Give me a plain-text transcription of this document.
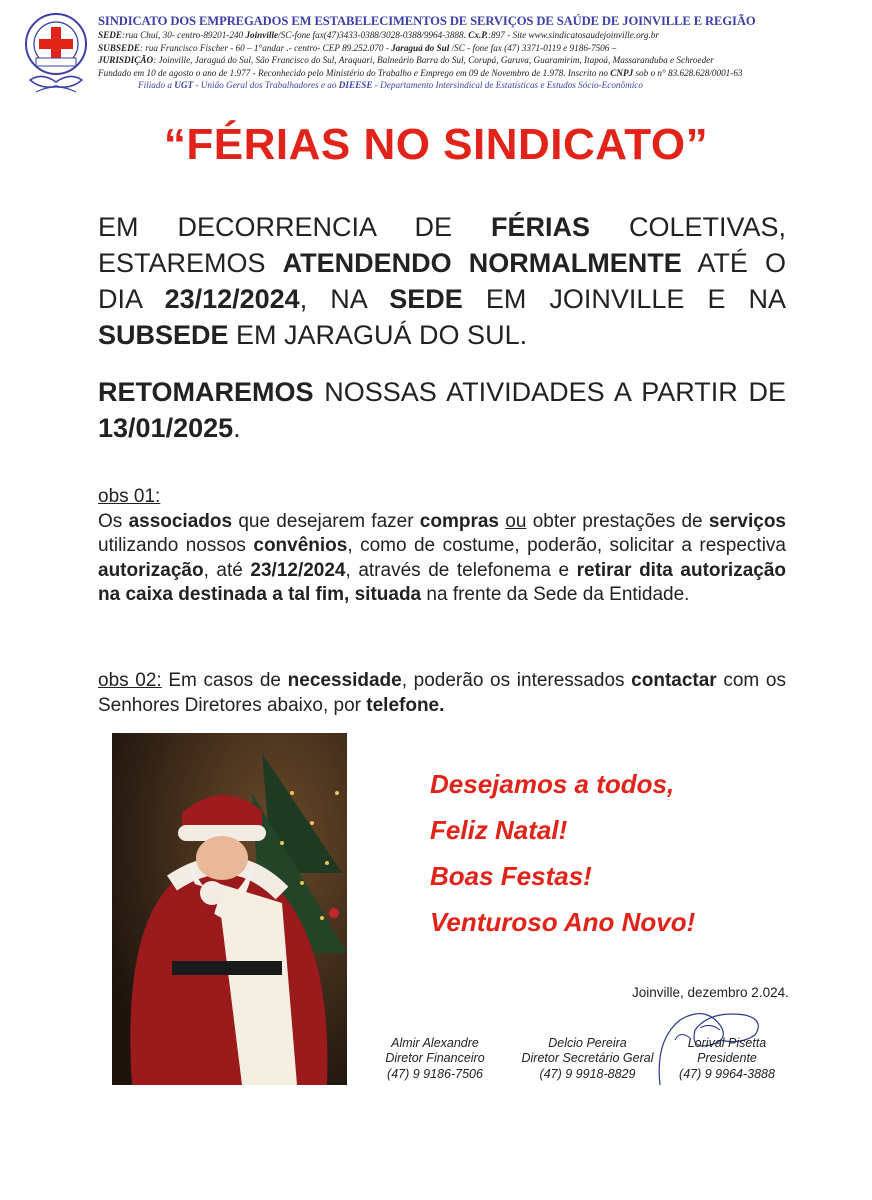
SINDICATO DOS EMPREGADOS EM ESTABELECIMENTOS DE SERVIÇOS DE SAÚDE DE JOINVILLE E REGIÃO
SEDE:rua Chuí, 30- centro-89201-240 Joinville/SC-fone fax(47)3433-0388/3028-0388/9964-3888. Cx.P.:897 - Site www.sindicatosaudejoinville.org.br
SUBSEDE: rua Francisco Fischer - 60 – 1°andar .- centro- CEP 89.252.070 - Jaraguá do Sul /SC - fone fax (47) 3371-0119 e 9186-7506 –
JURISDIÇÃO: Joinville, Jaraguá do Sul, São Francisco do Sul, Araquari, Balneário Barra do Sul, Corupá, Garuva, Guaramirim, Itapoá, Massaranduba e Schroeder
Fundado em 10 de agosto o ano de 1.977 - Reconhecido pelo Ministério do Trabalho e Emprego em 09 de Novembro de 1.978. Inscrito no CNPJ sob o n° 83.628.628/0001-63
Filiado a UGT - União Geral dos Trabalhadores e ao DIEESE - Departamento Intersindical de Estatísticas e Estudos Sócio-Econômico
“FÉRIAS NO SINDICATO”
EM DECORRENCIA DE FÉRIAS COLETIVAS, ESTAREMOS ATENDENDO NORMALMENTE ATÉ O DIA 23/12/2024, NA SEDE EM JOINVILLE E NA SUBSEDE EM JARAGUÁ DO SUL.
RETOMAREMOS NOSSAS ATIVIDADES A PARTIR DE 13/01/2025.
obs 01:
Os associados que desejarem fazer compras ou obter prestações de serviços utilizando nossos convênios, como de costume, poderão, solicitar a respectiva autorização, até 23/12/2024, através de telefonema e retirar dita autorização na caixa destinada a tal fim, situada na frente da Sede da Entidade.
obs 02: Em casos de necessidade, poderão os interessados contactar com os Senhores Diretores abaixo, por telefone.
Desejamos a todos,
Feliz Natal!
Boas Festas!
Venturoso Ano Novo!
Joinville, dezembro 2.024.
Almir Alexandre
Diretor Financeiro
(47) 9 9186-7506
Delcio Pereira
Diretor Secretário Geral
(47) 9 9918-8829
Lorival Pisetta
Presidente
(47) 9 9964-3888
